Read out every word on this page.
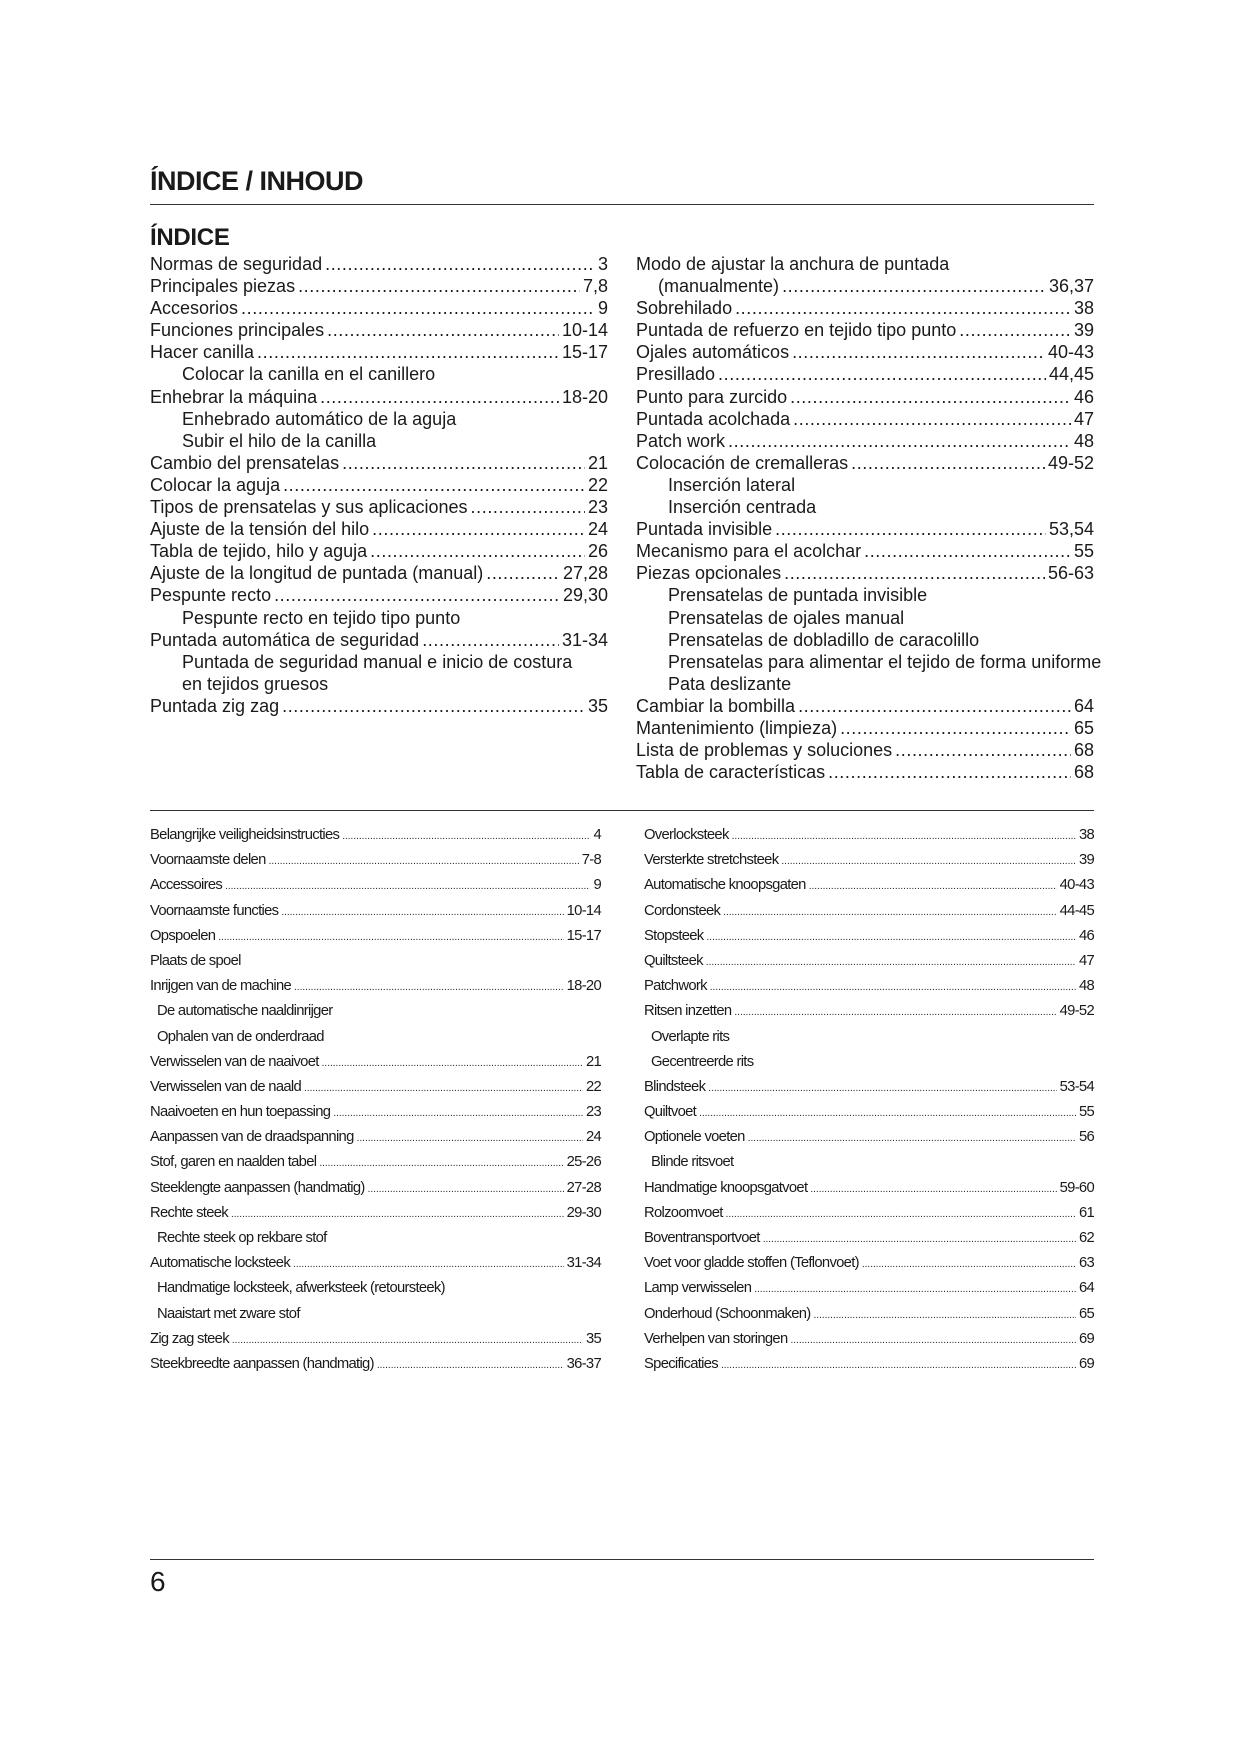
ÍNDICE / INHOUD
ÍNDICE
Normas de seguridad .....	3
Principales piezas .....	7,8
Accesorios .....	9
Funciones principales .....	10-14
Hacer canilla .....	15-17
Colocar la canilla en el canillero
Enhebrar la máquina .....	18-20
Enhebrado automático de la aguja
Subir el hilo de la canilla
Cambio del prensatelas .....	21
Colocar la aguja .....	22
Tipos de prensatelas y sus aplicaciones .....	23
Ajuste de la tensión del hilo .....	24
Tabla de tejido, hilo y aguja .....	26
Ajuste de la longitud de puntada (manual) .....	27,28
Pespunte recto .....	29,30
Pespunte recto en tejido tipo punto
Puntada automática de seguridad .....	31-34
Puntada de seguridad manual e inicio de costura
en tejidos gruesos
Puntada zig zag .....	35
Modo de ajustar la anchura de puntada
(manualmente) .....	36,37
Sobrehilado .....	38
Puntada de refuerzo en tejido tipo punto .....	39
Ojales automáticos .....	40-43
Presillado .....	44,45
Punto para zurcido .....	46
Puntada acolchada .....	47
Patch work .....	48
Colocación de cremalleras .....	49-52
Inserción lateral
Inserción centrada
Puntada invisible .....	53,54
Mecanismo para el acolchar .....	55
Piezas opcionales .....	56-63
Prensatelas de puntada invisible
Prensatelas de ojales manual
Prensatelas de dobladillo de caracolillo
Prensatelas para alimentar el tejido de forma uniforme
Pata deslizante
Cambiar la bombilla .....	64
Mantenimiento (limpieza) .....	65
Lista de problemas y soluciones .....	68
Tabla de características .....	68
Belangrijke veiligheidsinstructies .....	4
Voornaamste delen .....	7-8
Accessoires .....	9
Voornaamste functies .....	10-14
Opspoelen .....	15-17
Plaats de spoel
Inrijgen van de machine .....	18-20
De automatische naaldinrijger
Ophalen van de onderdraad
Verwisselen van de naaivoet .....	21
Verwisselen van de naald .....	22
Naaivoeten en hun toepassing .....	23
Aanpassen van de draadspanning .....	24
Stof, garen en naalden tabel .....	25-26
Steeklengte aanpassen (handmatig) .....	27-28
Rechte steek .....	29-30
Rechte steek op rekbare stof
Automatische locksteek .....	31-34
Handmatige locksteek, afwerksteek (retoursteek)
Naaistart met zware stof
Zig zag steek .....	35
Steekbreedte aanpassen (handmatig) .....	36-37
Overlocksteek .....	38
Versterkte stretchsteek .....	39
Automatische knoopsgaten .....	40-43
Cordonsteek .....	44-45
Stopsteek .....	46
Quiltsteek .....	47
Patchwork .....	48
Ritsen inzetten .....	49-52
Overlapte rits
Gecentreerde rits
Blindsteek .....	53-54
Quiltvoet .....	55
Optionele voeten .....	56
Blinde ritsvoet
Handmatige knoopsgatvoet .....	59-60
Rolzoomvoet .....	61
Boventransportvoet .....	62
Voet voor gladde stoffen (Teflonvoet) .....	63
Lamp verwisselen .....	64
Onderhoud (Schoonmaken) .....	65
Verhelpen van storingen .....	69
Specificaties .....	69
6
